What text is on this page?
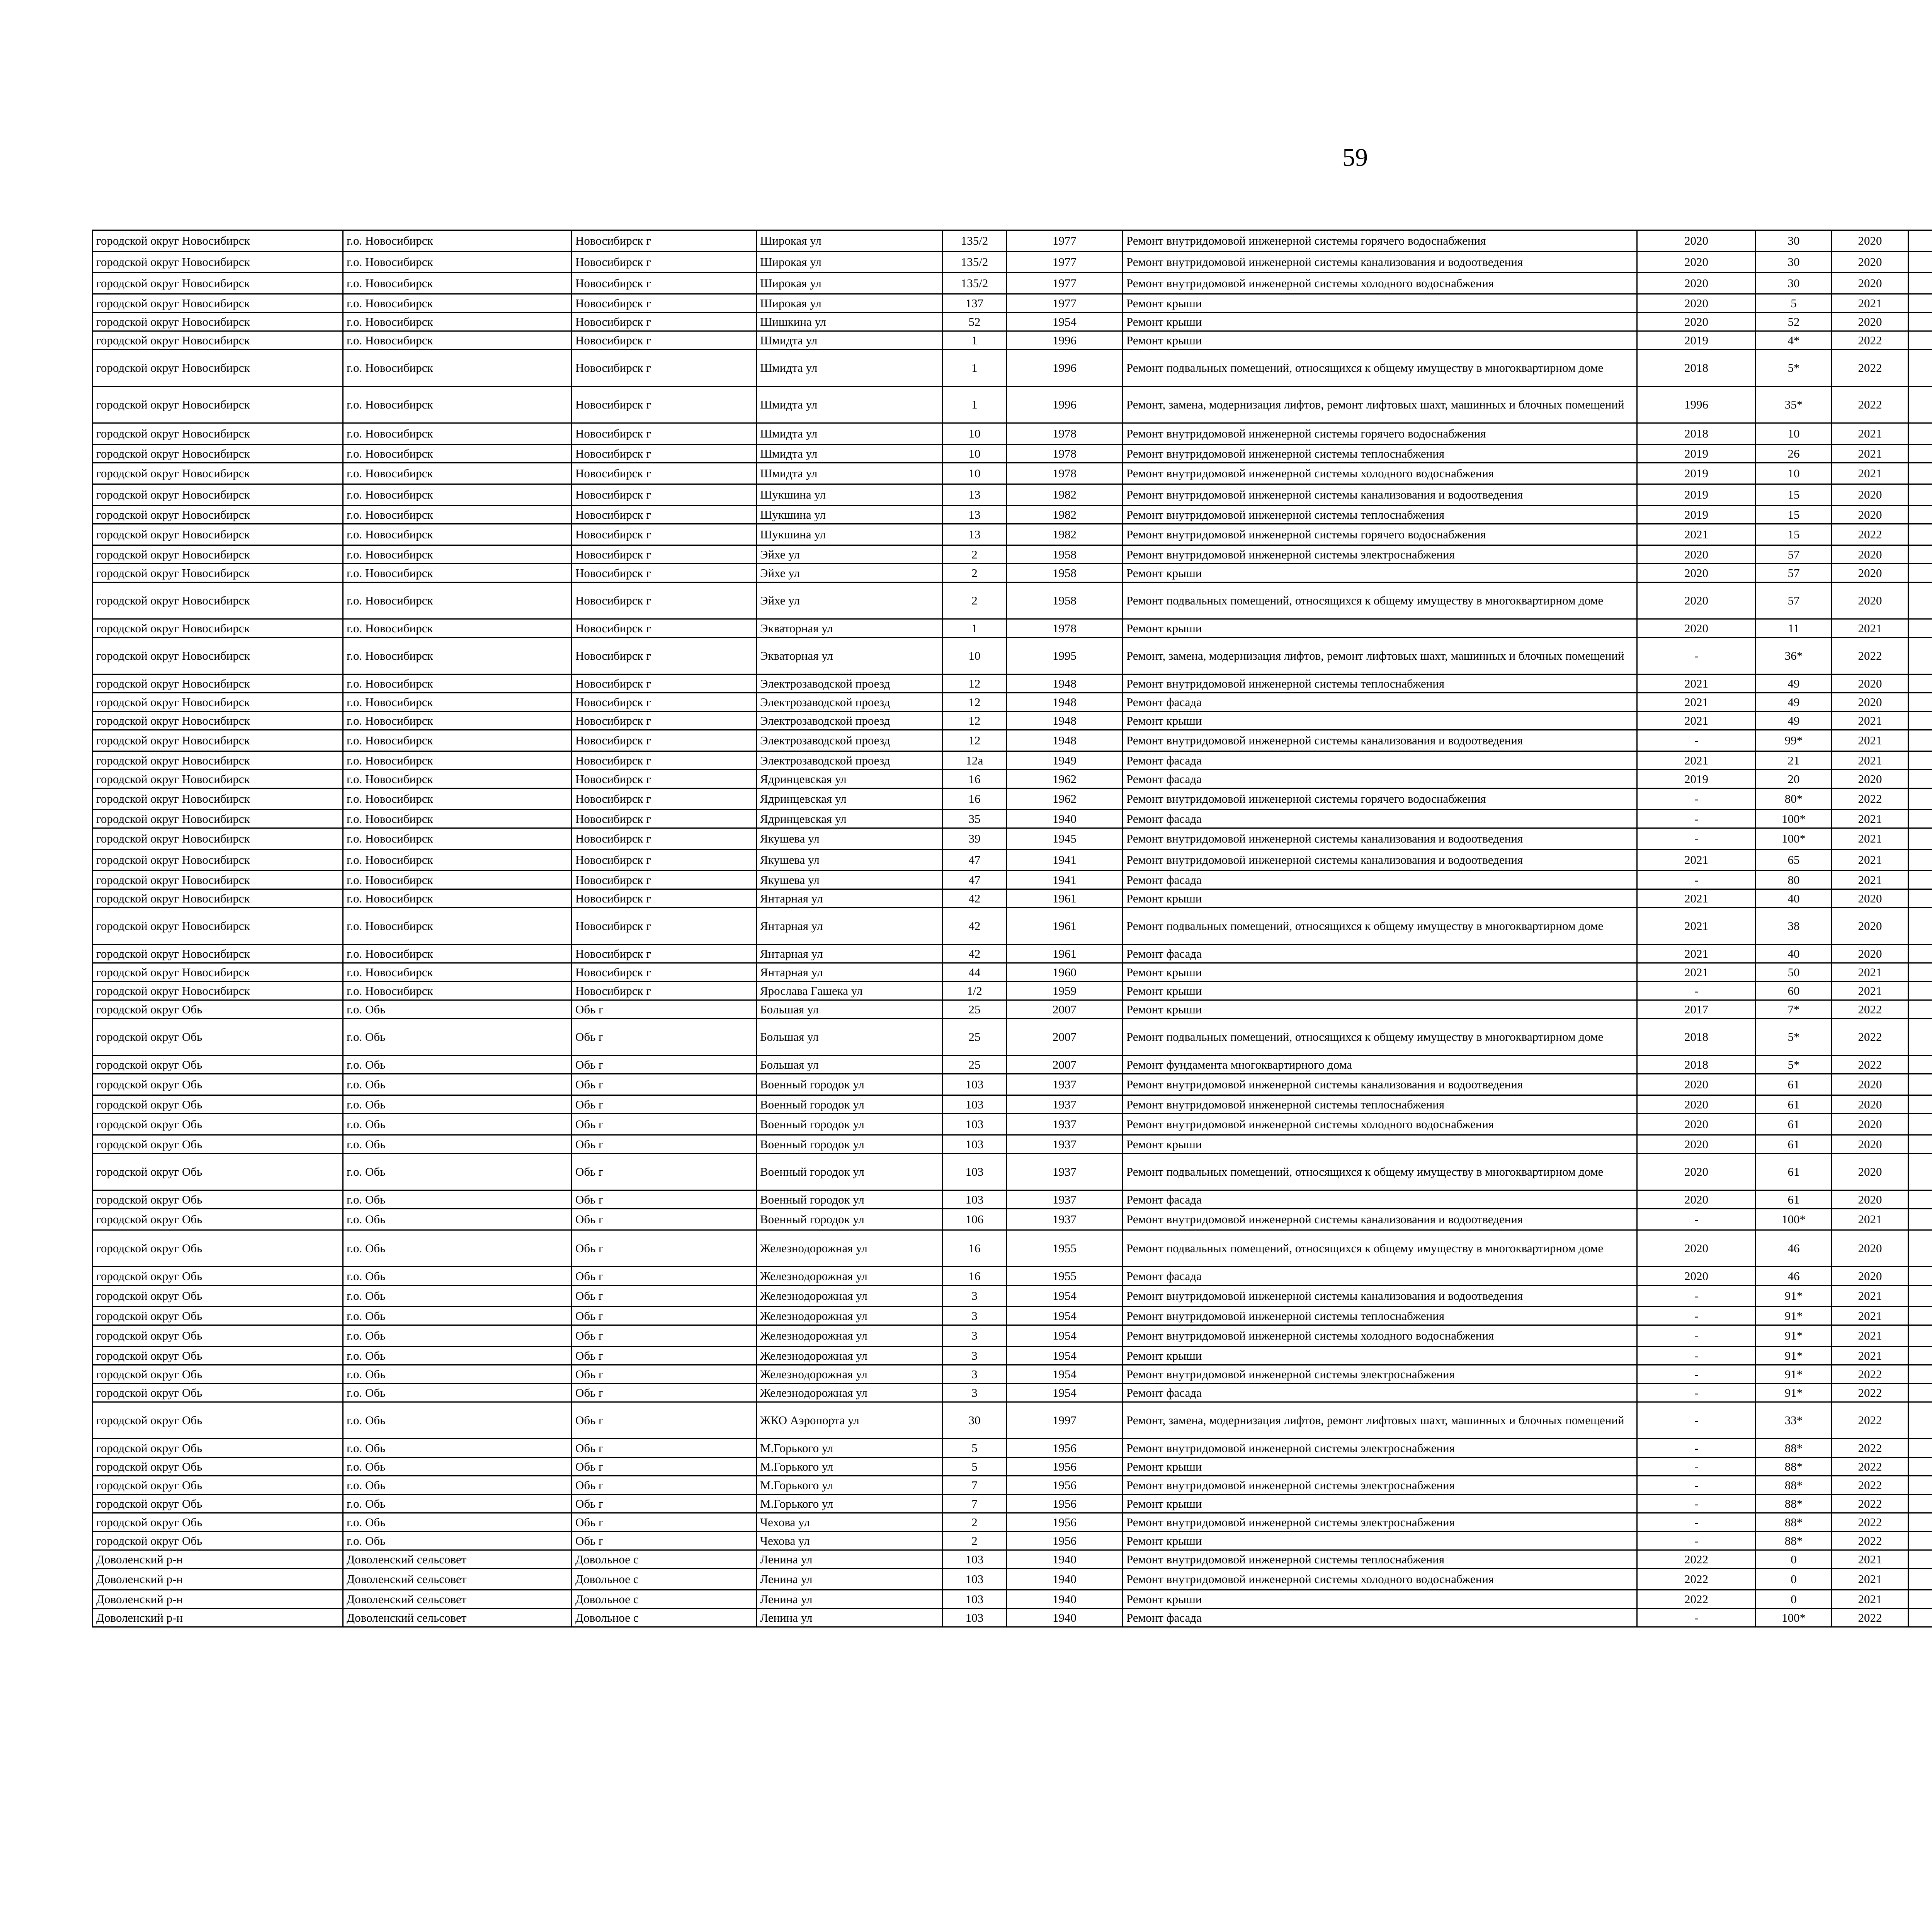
59
городской округ Новосибирск	г.о. Новосибирск	Новосибирск г	Широкая ул	135/2	1977	Ремонт внутридомовой инженерной системы горячего водоснабжения	2020	30	2020						
городской округ Новосибирск	г.о. Новосибирск	Новосибирск г	Широкая ул	135/2	1977	Ремонт внутридомовой инженерной системы канализования и водоотведения	2020	30	2020						
городской округ Новосибирск	г.о. Новосибирск	Новосибирск г	Широкая ул	135/2	1977	Ремонт внутридомовой инженерной системы холодного водоснабжения	2020	30	2020						
городской округ Новосибирск	г.о. Новосибирск	Новосибирск г	Широкая ул	137	1977	Ремонт крыши	2020	5	2021						
городской округ Новосибирск	г.о. Новосибирск	Новосибирск г	Шишкина ул	52	1954	Ремонт крыши	2020	52	2020						
городской округ Новосибирск	г.о. Новосибирск	Новосибирск г	Шмидта ул	1	1996	Ремонт крыши	2019	4*	2022						
городской округ Новосибирск	г.о. Новосибирск	Новосибирск г	Шмидта ул	1	1996	Ремонт подвальных помещений, относящихся к общему имуществу в многоквартирном доме	2018	5*	2022						
городской округ Новосибирск	г.о. Новосибирск	Новосибирск г	Шмидта ул	1	1996	Ремонт, замена, модернизация лифтов, ремонт лифтовых шахт, машинных и блочных помещений	1996	35*	2022						
городской округ Новосибирск	г.о. Новосибирск	Новосибирск г	Шмидта ул	10	1978	Ремонт внутридомовой инженерной системы горячего водоснабжения	2018	10	2021						
городской округ Новосибирск	г.о. Новосибирск	Новосибирск г	Шмидта ул	10	1978	Ремонт внутридомовой инженерной системы теплоснабжения	2019	26	2021						
городской округ Новосибирск	г.о. Новосибирск	Новосибирск г	Шмидта ул	10	1978	Ремонт внутридомовой инженерной системы холодного водоснабжения	2019	10	2021						
городской округ Новосибирск	г.о. Новосибирск	Новосибирск г	Шукшина ул	13	1982	Ремонт внутридомовой инженерной системы канализования и водоотведения	2019	15	2020						
городской округ Новосибирск	г.о. Новосибирск	Новосибирск г	Шукшина ул	13	1982	Ремонт внутридомовой инженерной системы теплоснабжения	2019	15	2020						
городской округ Новосибирск	г.о. Новосибирск	Новосибирск г	Шукшина ул	13	1982	Ремонт внутридомовой инженерной системы горячего водоснабжения	2021	15	2022						
городской округ Новосибирск	г.о. Новосибирск	Новосибирск г	Эйхе ул	2	1958	Ремонт внутридомовой инженерной системы электроснабжения	2020	57	2020						
городской округ Новосибирск	г.о. Новосибирск	Новосибирск г	Эйхе ул	2	1958	Ремонт крыши	2020	57	2020						
городской округ Новосибирск	г.о. Новосибирск	Новосибирск г	Эйхе ул	2	1958	Ремонт подвальных помещений, относящихся к общему имуществу в многоквартирном доме	2020	57	2020						
городской округ Новосибирск	г.о. Новосибирск	Новосибирск г	Экваторная ул	1	1978	Ремонт крыши	2020	11	2021						
городской округ Новосибирск	г.о. Новосибирск	Новосибирск г	Экваторная ул	10	1995	Ремонт, замена, модернизация лифтов, ремонт лифтовых шахт, машинных и блочных помещений	-	36*	2022						
городской округ Новосибирск	г.о. Новосибирск	Новосибирск г	Электрозаводской проезд	12	1948	Ремонт внутридомовой инженерной системы теплоснабжения	2021	49	2020						
городской округ Новосибирск	г.о. Новосибирск	Новосибирск г	Электрозаводской проезд	12	1948	Ремонт фасада	2021	49	2020						
городской округ Новосибирск	г.о. Новосибирск	Новосибирск г	Электрозаводской проезд	12	1948	Ремонт крыши	2021	49	2021						
городской округ Новосибирск	г.о. Новосибирск	Новосибирск г	Электрозаводской проезд	12	1948	Ремонт внутридомовой инженерной системы канализования и водоотведения	-	99*	2021						
городской округ Новосибирск	г.о. Новосибирск	Новосибирск г	Электрозаводской проезд	12а	1949	Ремонт фасада	2021	21	2021						
городской округ Новосибирск	г.о. Новосибирск	Новосибирск г	Ядринцевская ул	16	1962	Ремонт фасада	2019	20	2020						
городской округ Новосибирск	г.о. Новосибирск	Новосибирск г	Ядринцевская ул	16	1962	Ремонт внутридомовой инженерной системы горячего водоснабжения	-	80*	2022						
городской округ Новосибирск	г.о. Новосибирск	Новосибирск г	Ядринцевская ул	35	1940	Ремонт фасада	-	100*	2021						
городской округ Новосибирск	г.о. Новосибирск	Новосибирск г	Якушева ул	39	1945	Ремонт внутридомовой инженерной системы канализования и водоотведения	-	100*	2021						
городской округ Новосибирск	г.о. Новосибирск	Новосибирск г	Якушева ул	47	1941	Ремонт внутридомовой инженерной системы канализования и водоотведения	2021	65	2021						
городской округ Новосибирск	г.о. Новосибирск	Новосибирск г	Якушева ул	47	1941	Ремонт фасада	-	80	2021						
городской округ Новосибирск	г.о. Новосибирск	Новосибирск г	Янтарная ул	42	1961	Ремонт крыши	2021	40	2020						
городской округ Новосибирск	г.о. Новосибирск	Новосибирск г	Янтарная ул	42	1961	Ремонт подвальных помещений, относящихся к общему имуществу в многоквартирном доме	2021	38	2020						
городской округ Новосибирск	г.о. Новосибирск	Новосибирск г	Янтарная ул	42	1961	Ремонт фасада	2021	40	2020						
городской округ Новосибирск	г.о. Новосибирск	Новосибирск г	Янтарная ул	44	1960	Ремонт крыши	2021	50	2021						
городской округ Новосибирск	г.о. Новосибирск	Новосибирск г	Ярослава Гашека ул	1/2	1959	Ремонт крыши	-	60	2021						
городской округ Обь	г.о. Обь	Обь г	Большая ул	25	2007	Ремонт крыши	2017	7*	2022						
городской округ Обь	г.о. Обь	Обь г	Большая ул	25	2007	Ремонт подвальных помещений, относящихся к общему имуществу в многоквартирном доме	2018	5*	2022						
городской округ Обь	г.о. Обь	Обь г	Большая ул	25	2007	Ремонт фундамента многоквартирного дома	2018	5*	2022						
городской округ Обь	г.о. Обь	Обь г	Военный городок ул	103	1937	Ремонт внутридомовой инженерной системы канализования и водоотведения	2020	61	2020						
городской округ Обь	г.о. Обь	Обь г	Военный городок ул	103	1937	Ремонт внутридомовой инженерной системы теплоснабжения	2020	61	2020						
городской округ Обь	г.о. Обь	Обь г	Военный городок ул	103	1937	Ремонт внутридомовой инженерной системы холодного водоснабжения	2020	61	2020						
городской округ Обь	г.о. Обь	Обь г	Военный городок ул	103	1937	Ремонт крыши	2020	61	2020						
городской округ Обь	г.о. Обь	Обь г	Военный городок ул	103	1937	Ремонт подвальных помещений, относящихся к общему имуществу в многоквартирном доме	2020	61	2020						
городской округ Обь	г.о. Обь	Обь г	Военный городок ул	103	1937	Ремонт фасада	2020	61	2020						
городской округ Обь	г.о. Обь	Обь г	Военный городок ул	106	1937	Ремонт внутридомовой инженерной системы канализования и водоотведения	-	100*	2021						
городской округ Обь	г.о. Обь	Обь г	Железнодорожная ул	16	1955	Ремонт подвальных помещений, относящихся к общему имуществу в многоквартирном доме	2020	46	2020						
городской округ Обь	г.о. Обь	Обь г	Железнодорожная ул	16	1955	Ремонт фасада	2020	46	2020						
городской округ Обь	г.о. Обь	Обь г	Железнодорожная ул	3	1954	Ремонт внутридомовой инженерной системы канализования и водоотведения	-	91*	2021						
городской округ Обь	г.о. Обь	Обь г	Железнодорожная ул	3	1954	Ремонт внутридомовой инженерной системы теплоснабжения	-	91*	2021						
городской округ Обь	г.о. Обь	Обь г	Железнодорожная ул	3	1954	Ремонт внутридомовой инженерной системы холодного водоснабжения	-	91*	2021						
городской округ Обь	г.о. Обь	Обь г	Железнодорожная ул	3	1954	Ремонт крыши	-	91*	2021						
городской округ Обь	г.о. Обь	Обь г	Железнодорожная ул	3	1954	Ремонт внутридомовой инженерной системы электроснабжения	-	91*	2022						
городской округ Обь	г.о. Обь	Обь г	Железнодорожная ул	3	1954	Ремонт фасада	-	91*	2022						
городской округ Обь	г.о. Обь	Обь г	ЖКО Аэропорта ул	30	1997	Ремонт, замена, модернизация лифтов, ремонт лифтовых шахт, машинных и блочных помещений	-	33*	2022						
городской округ Обь	г.о. Обь	Обь г	М.Горького ул	5	1956	Ремонт внутридомовой инженерной системы электроснабжения	-	88*	2022						
городской округ Обь	г.о. Обь	Обь г	М.Горького ул	5	1956	Ремонт крыши	-	88*	2022						
городской округ Обь	г.о. Обь	Обь г	М.Горького ул	7	1956	Ремонт внутридомовой инженерной системы электроснабжения	-	88*	2022						
городской округ Обь	г.о. Обь	Обь г	М.Горького ул	7	1956	Ремонт крыши	-	88*	2022						
городской округ Обь	г.о. Обь	Обь г	Чехова ул	2	1956	Ремонт внутридомовой инженерной системы электроснабжения	-	88*	2022						
городской округ Обь	г.о. Обь	Обь г	Чехова ул	2	1956	Ремонт крыши	-	88*	2022						
Доволенский р-н	Доволенский сельсовет	Довольное с	Ленина ул	103	1940	Ремонт внутридомовой инженерной системы теплоснабжения	2022	0	2021						
Доволенский р-н	Доволенский сельсовет	Довольное с	Ленина ул	103	1940	Ремонт внутридомовой инженерной системы холодного водоснабжения	2022	0	2021						
Доволенский р-н	Доволенский сельсовет	Довольное с	Ленина ул	103	1940	Ремонт крыши	2022	0	2021						
Доволенский р-н	Доволенский сельсовет	Довольное с	Ленина ул	103	1940	Ремонт фасада	-	100*	2022						
